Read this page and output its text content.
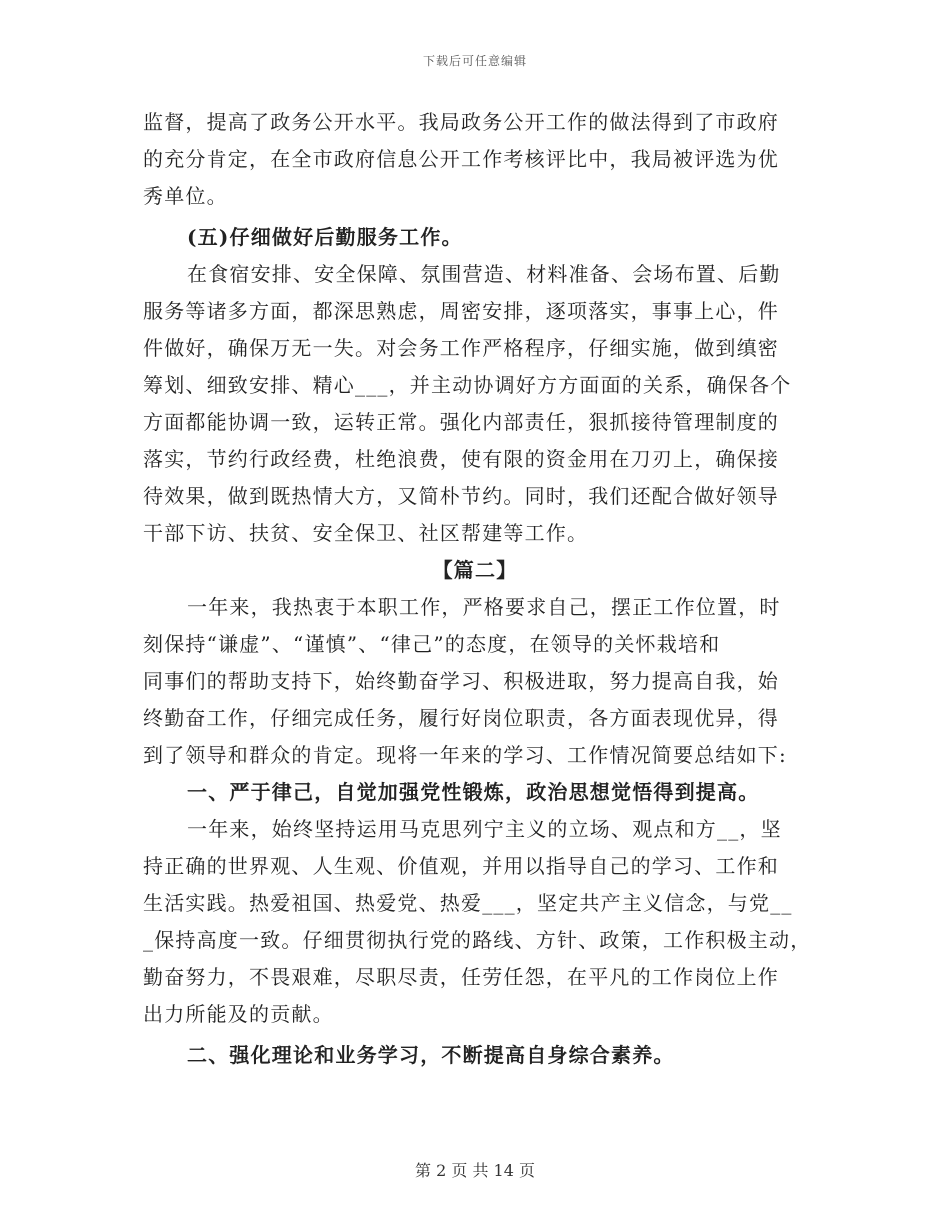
下载后可任意编辑
监督，提高了政务公开水平。我局政务公开工作的做法得到了市政府
的充分肯定，在全市政府信息公开工作考核评比中，我局被评选为优
秀单位。
(五)仔细做好后勤服务工作。
在食宿安排、安全保障、氛围营造、材料准备、会场布置、后勤
服务等诸多方面，都深思熟虑，周密安排，逐项落实，事事上心，件
件做好，确保万无一失。对会务工作严格程序，仔细实施，做到缜密
筹划、细致安排、精心___，并主动协调好方方面面的关系，确保各个
方面都能协调一致，运转正常。强化内部责任，狠抓接待管理制度的
落实，节约行政经费，杜绝浪费，使有限的资金用在刀刃上，确保接
待效果，做到既热情大方，又简朴节约。同时，我们还配合做好领导
干部下访、扶贫、安全保卫、社区帮建等工作。
【篇二】
一年来，我热衷于本职工作，严格要求自己，摆正工作位置，时
刻保持“谦虚”、“谨慎”、“律己”的态度，在领导的关怀栽培和
同事们的帮助支持下，始终勤奋学习、积极进取，努力提高自我，始
终勤奋工作，仔细完成任务，履行好岗位职责，各方面表现优异，得
到了领导和群众的肯定。现将一年来的学习、工作情况简要总结如下:
一、严于律己，自觉加强党性锻炼，政治思想觉悟得到提高。
一年来，始终坚持运用马克思列宁主义的立场、观点和方__，坚
持正确的世界观、人生观、价值观，并用以指导自己的学习、工作和
生活实践。热爱祖国、热爱党、热爱___，坚定共产主义信念，与党__
_保持高度一致。仔细贯彻执行党的路线、方针、政策，工作积极主动，
勤奋努力，不畏艰难，尽职尽责，任劳任怨，在平凡的工作岗位上作
出力所能及的贡献。
二、强化理论和业务学习，不断提高自身综合素养。
第 2 页 共 14 页
